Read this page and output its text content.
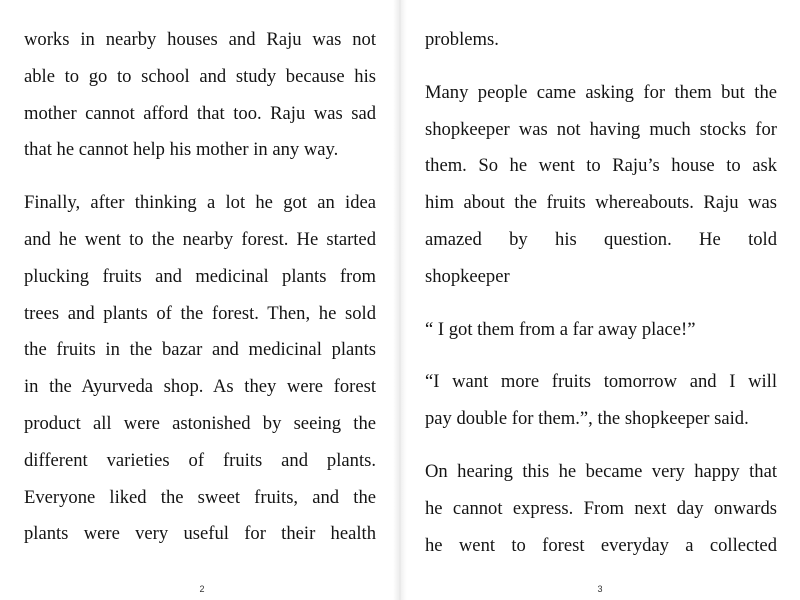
works in nearby houses and Raju was not
able to go to school and study because his
mother cannot afford that too. Raju was sad
that he cannot help his mother in any way.

Finally, after thinking a lot he got an idea
and he went to the nearby forest. He started
plucking fruits and medicinal plants from
trees and plants of the forest. Then, he sold
the fruits in the bazar and medicinal plants
in the Ayurveda shop. As they were forest
product all were astonished by seeing the
different varieties of fruits and plants.
Everyone liked the sweet fruits, and the
plants were very useful for their health

2

problems.

Many people came asking for them but the
shopkeeper was not having much stocks for
them. So he went to Raju’s house to ask
him about the fruits whereabouts. Raju was
amazed by his question. He told
shopkeeper

“ I got them from a far away place!”

“I want more fruits tomorrow and I will
pay double for them.”, the shopkeeper said.

On hearing this he became very happy that
he cannot express. From next day onwards
he went to forest everyday a collected

3
